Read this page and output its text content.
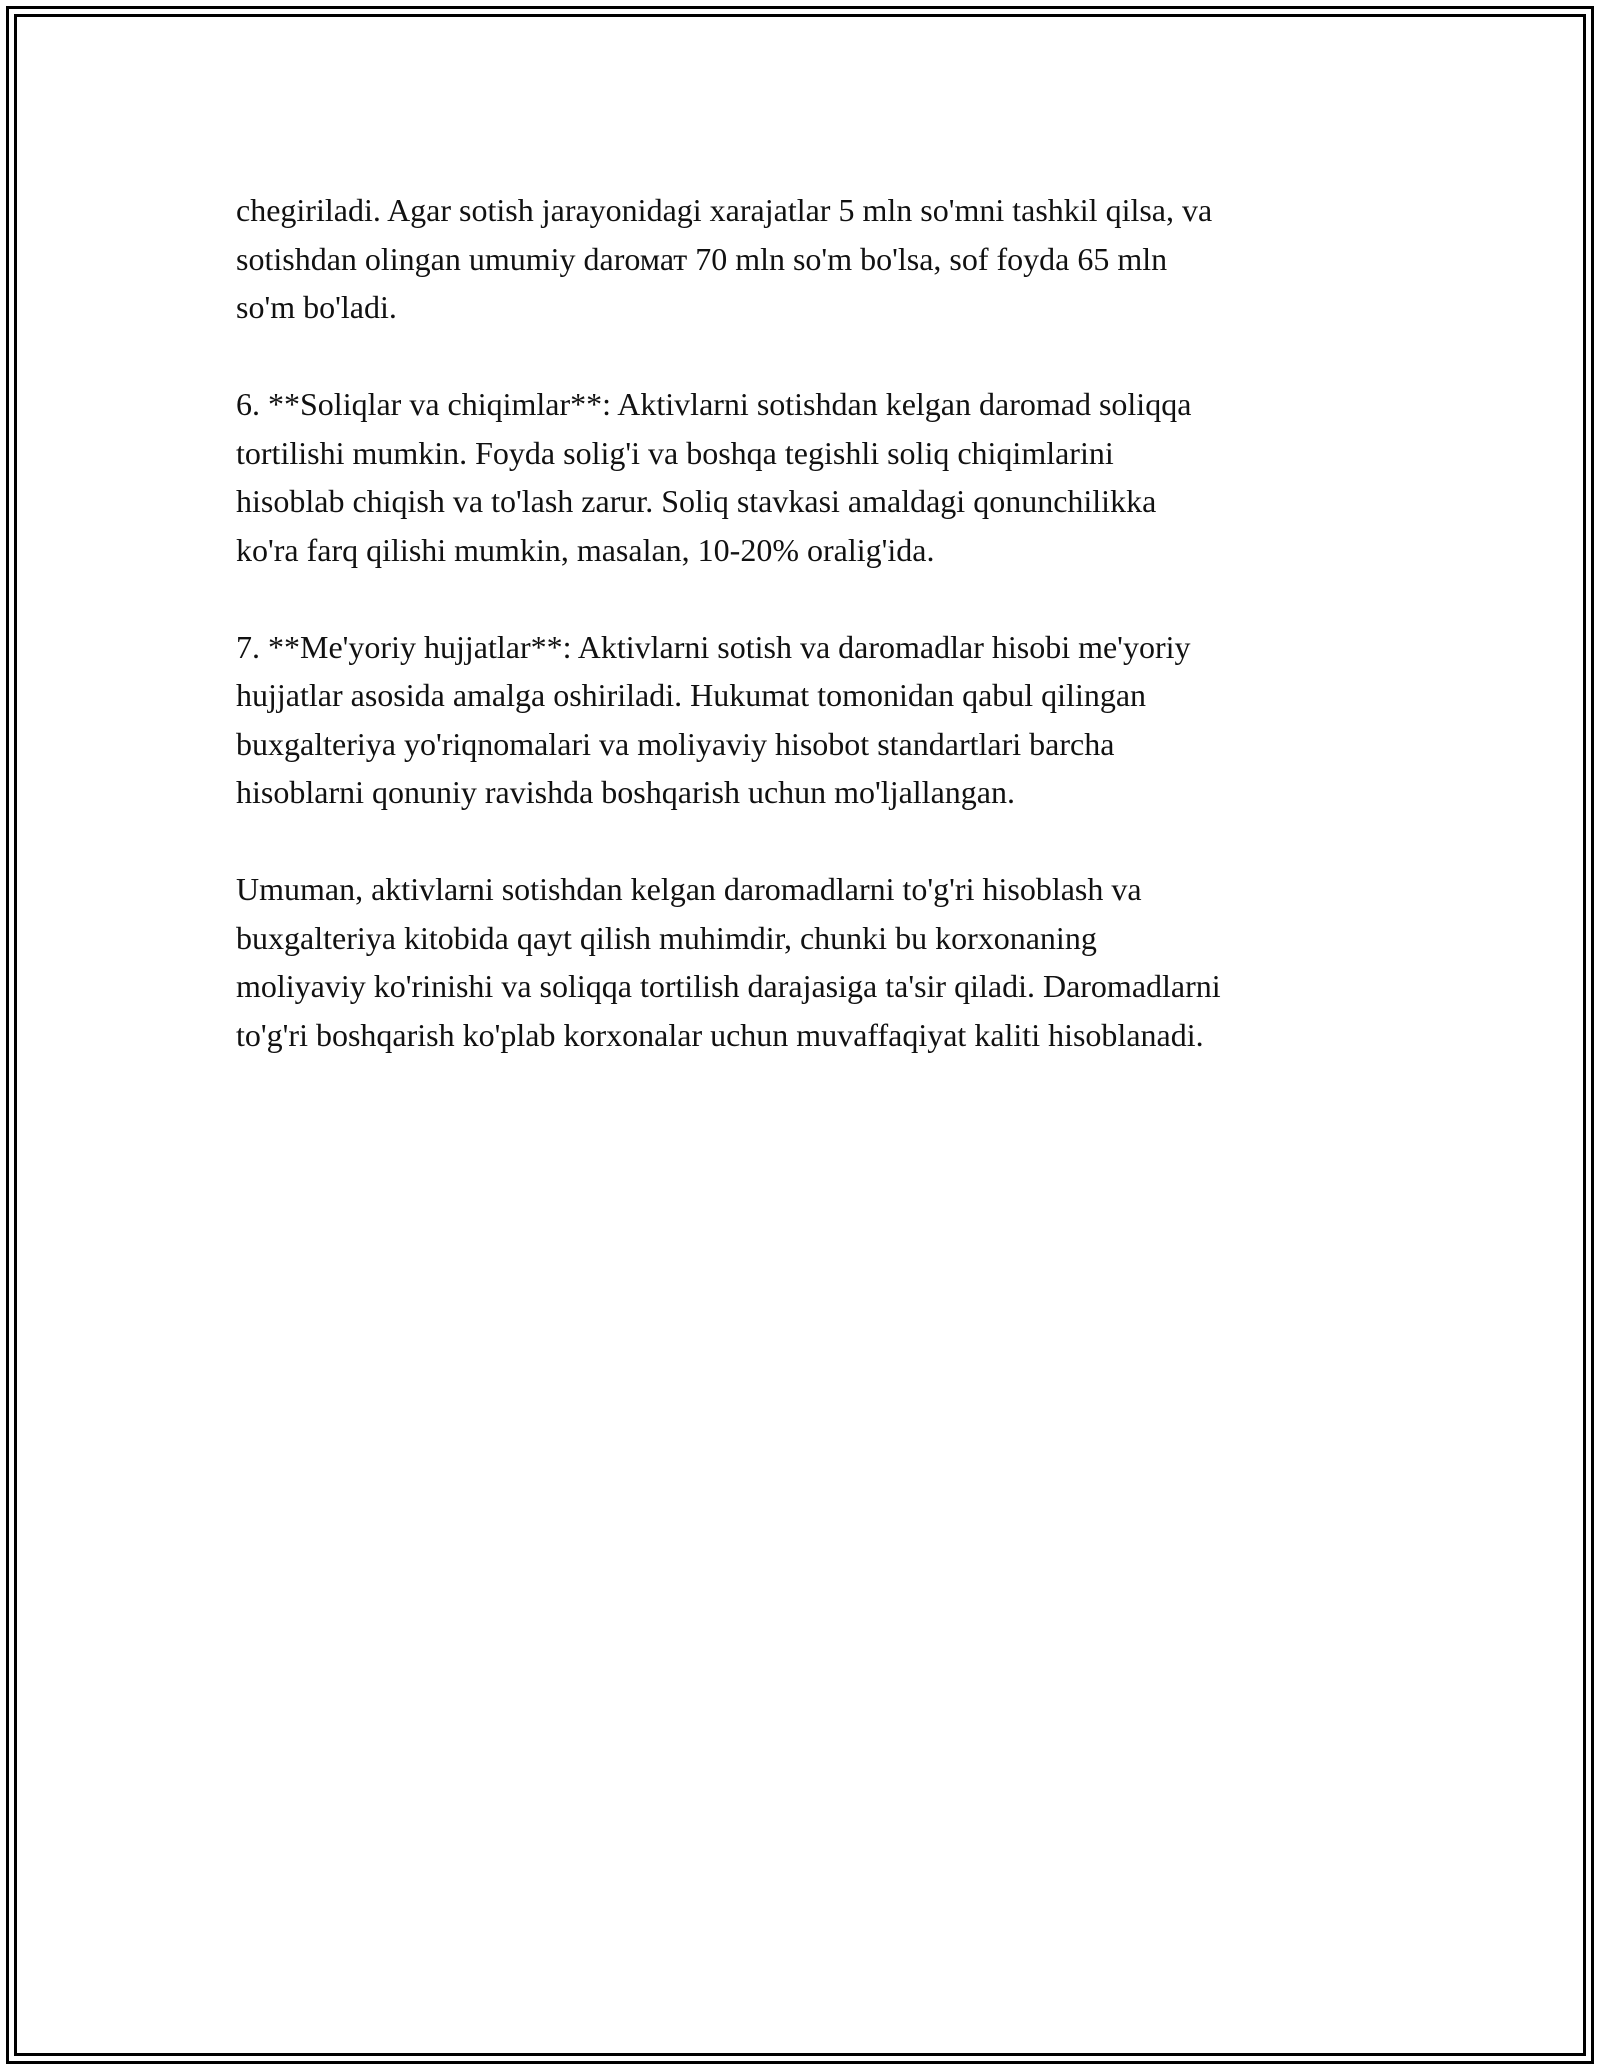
chegiriladi. Agar sotish jarayonidagi xarajatlar 5 mln so'mni tashkil qilsa, va
sotishdan olingan umumiy darомат 70 mln so'm bo'lsa, sof foyda 65 mln
so'm bo'ladi.

6. **Soliqlar va chiqimlar**: Aktivlarni sotishdan kelgan daromad soliqqa
tortilishi mumkin. Foyda solig'i va boshqa tegishli soliq chiqimlarini
hisoblab chiqish va to'lash zarur. Soliq stavkasi amaldagi qonunchilikka
ko'ra farq qilishi mumkin, masalan, 10-20% oralig'ida.

7. **Me'yoriy hujjatlar**: Aktivlarni sotish va daromadlar hisobi me'yoriy
hujjatlar asosida amalga oshiriladi. Hukumat tomonidan qabul qilingan
buxgalteriya yo'riqnomalari va moliyaviy hisobot standartlari barcha
hisoblarni qonuniy ravishda boshqarish uchun mo'ljallangan.

Umuman, aktivlarni sotishdan kelgan daromadlarni to'g'ri hisoblash va
buxgalteriya kitobida qayt qilish muhimdir, chunki bu korxonaning
moliyaviy ko'rinishi va soliqqa tortilish darajasiga ta'sir qiladi. Daromadlarni
to'g'ri boshqarish ko'plab korxonalar uchun muvaffaqiyat kaliti hisoblanadi.
